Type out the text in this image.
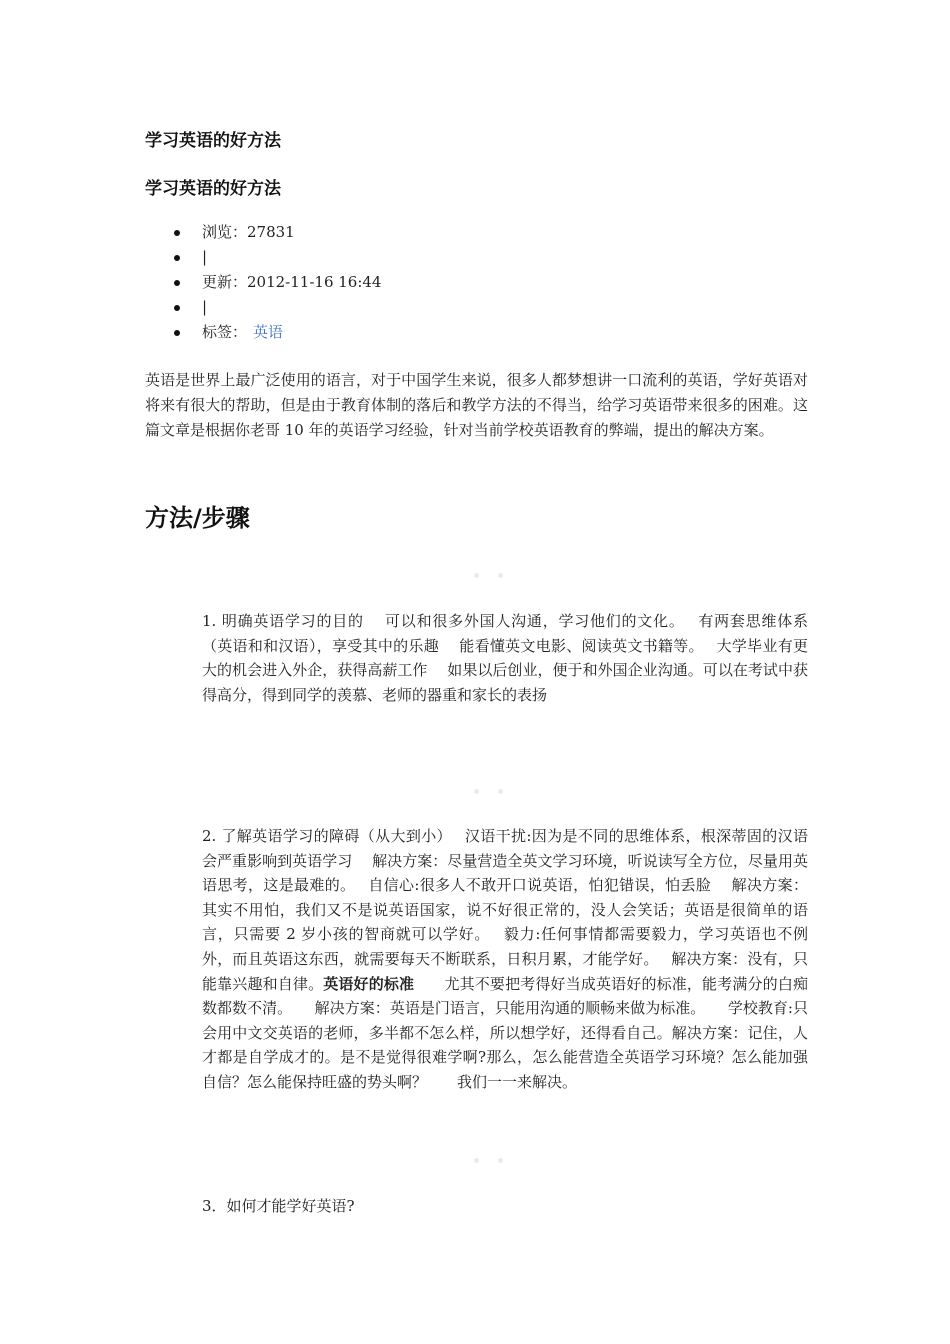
学习英语的好方法
学习英语的好方法
浏览：27831
|
更新：2012-11-16 16:44
|
标签： 英语

英语是世界上最广泛使用的语言，对于中国学生来说，很多人都梦想讲一口流利的英语，学好英语对将来有很大的帮助，但是由于教育体制的落后和教学方法的不得当，给学习英语带来很多的困难。这篇文章是根据你老哥 10 年的英语学习经验，针对当前学校英语教育的弊端，提出的解决方案。

方法/步骤

1. 明确英语学习的目的　 可以和很多外国人沟通，学习他们的文化。　 有两套思维体系（英语和和汉语），享受其中的乐趣　 能看懂英文电影、阅读英文书籍等。　 大学毕业有更大的机会进入外企，获得高薪工作　 如果以后创业，便于和外国企业沟通。可以在考试中获得高分，得到同学的羡慕、老师的器重和家长的表扬

2. 了解英语学习的障碍（从大到小）　 汉语干扰:因为是不同的思维体系，根深蒂固的汉语会严重影响到英语学习　 解决方案：尽量营造全英文学习环境，听说读写全方位，尽量用英语思考，这是最难的。　 自信心:很多人不敢开口说英语，怕犯错误，怕丢脸　 解决方案：其实不用怕，我们又不是说英语国家，说不好很正常的，没人会笑话；英语是很简单的语言，只需要 2 岁小孩的智商就可以学好。　 毅力:任何事情都需要毅力，学习英语也不例外，而且英语这东西，就需要每天不断联系，日积月累，才能学好。　 解决方案：没有，只能靠兴趣和自律。英语好的标准　　尤其不要把考得好当成英语好的标准，能考满分的白痴数都数不清。　　解决方案：英语是门语言，只能用沟通的顺畅来做为标准。　　学校教育:只会用中文交英语的老师，多半都不怎么样，所以想学好，还得看自己。解决方案：记住，人才都是自学成才的。是不是觉得很难学啊?那么，怎么能营造全英语学习环境？怎么能加强自信？怎么能保持旺盛的势头啊？　　我们一一来解决。

3．如何才能学好英语?
